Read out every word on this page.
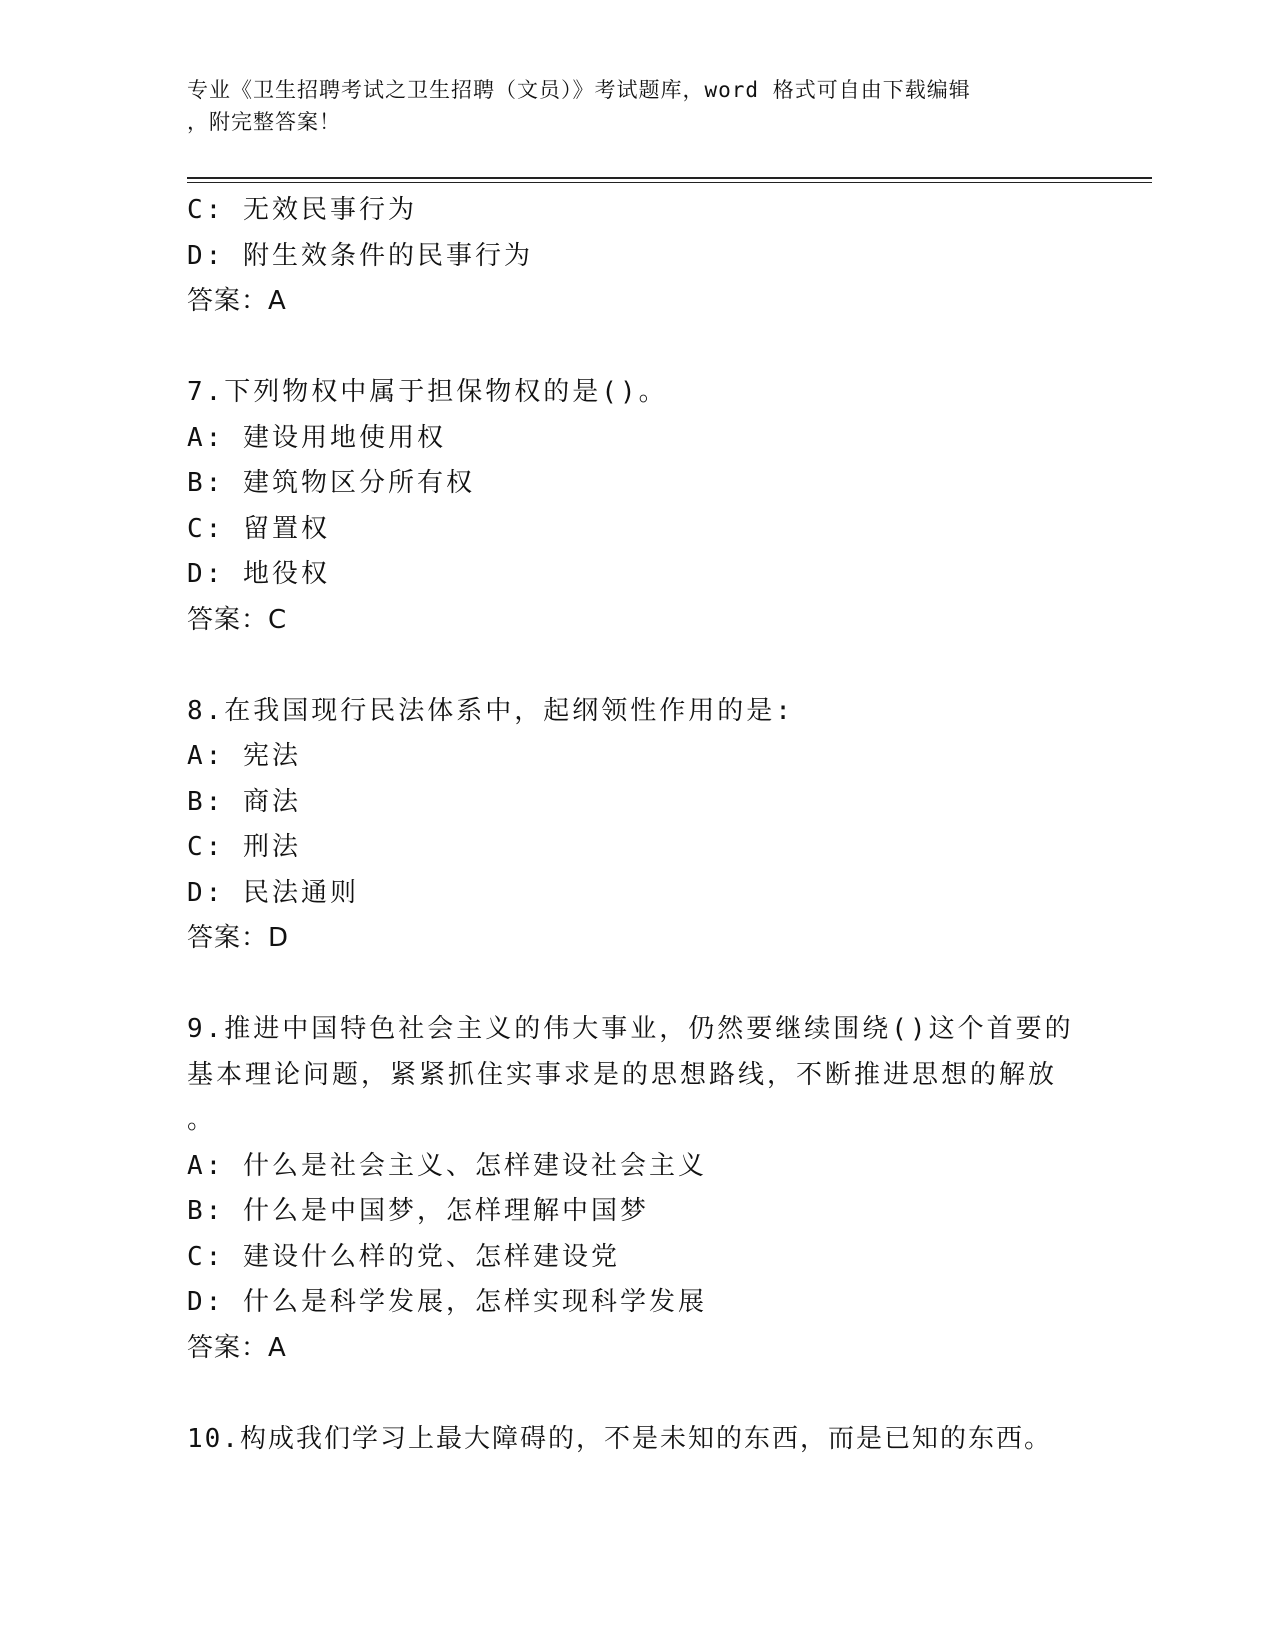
专业《卫生招聘考试之卫生招聘（文员）》考试题库，word 格式可自由下载编辑
，附完整答案！
C: 无效民事行为
D: 附生效条件的民事行为
答案：A
7.下列物权中属于担保物权的是()。
A: 建设用地使用权
B: 建筑物区分所有权
C: 留置权
D: 地役权
答案：C
8.在我国现行民法体系中，起纲领性作用的是:
A: 宪法
B: 商法
C: 刑法
D: 民法通则
答案：D
9.推进中国特色社会主义的伟大事业，仍然要继续围绕()这个首要的
基本理论问题，紧紧抓住实事求是的思想路线，不断推进思想的解放
。
A: 什么是社会主义、怎样建设社会主义
B: 什么是中国梦，怎样理解中国梦
C: 建设什么样的党、怎样建设党
D: 什么是科学发展，怎样实现科学发展
答案：A
10.构成我们学习上最大障碍的，不是未知的东西，而是已知的东西。
